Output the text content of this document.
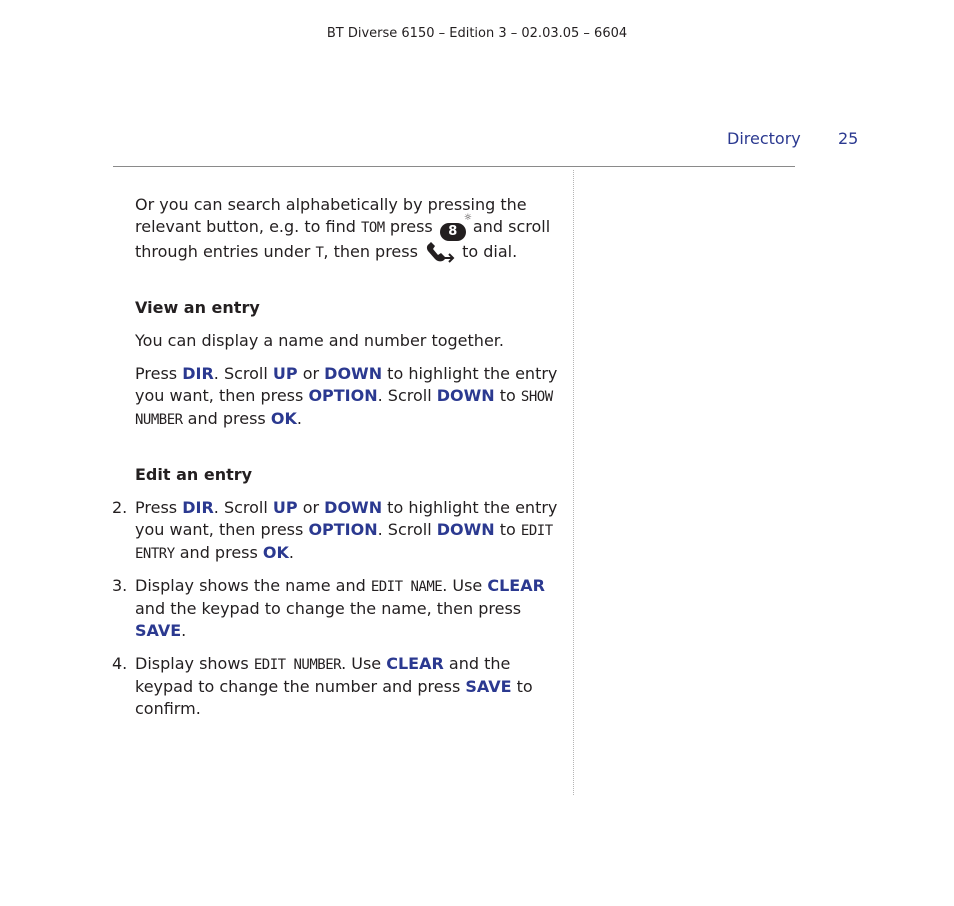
BT Diverse 6150 – Edition 3 – 02.03.05 – 6604
Directory 25

Or you can search alphabetically by pressing the relevant button, e.g. to find TOM press 8
☼
and scroll through entries under T, then press  to dial.

View an entry

You can display a name and number together.

Press DIR. Scroll UP or DOWN to highlight the entry you want, then press OPTION. Scroll DOWN to SHOW NUMBER and press OK.

Edit an entry

2. Press DIR. Scroll UP or DOWN to highlight the entry you want, then press OPTION. Scroll DOWN to EDIT ENTRY and press OK.

3. Display shows the name and EDIT NAME. Use CLEAR and the keypad to change the name, then press SAVE.

4. Display shows EDIT NUMBER. Use CLEAR and the keypad to change the number and press SAVE to confirm.
